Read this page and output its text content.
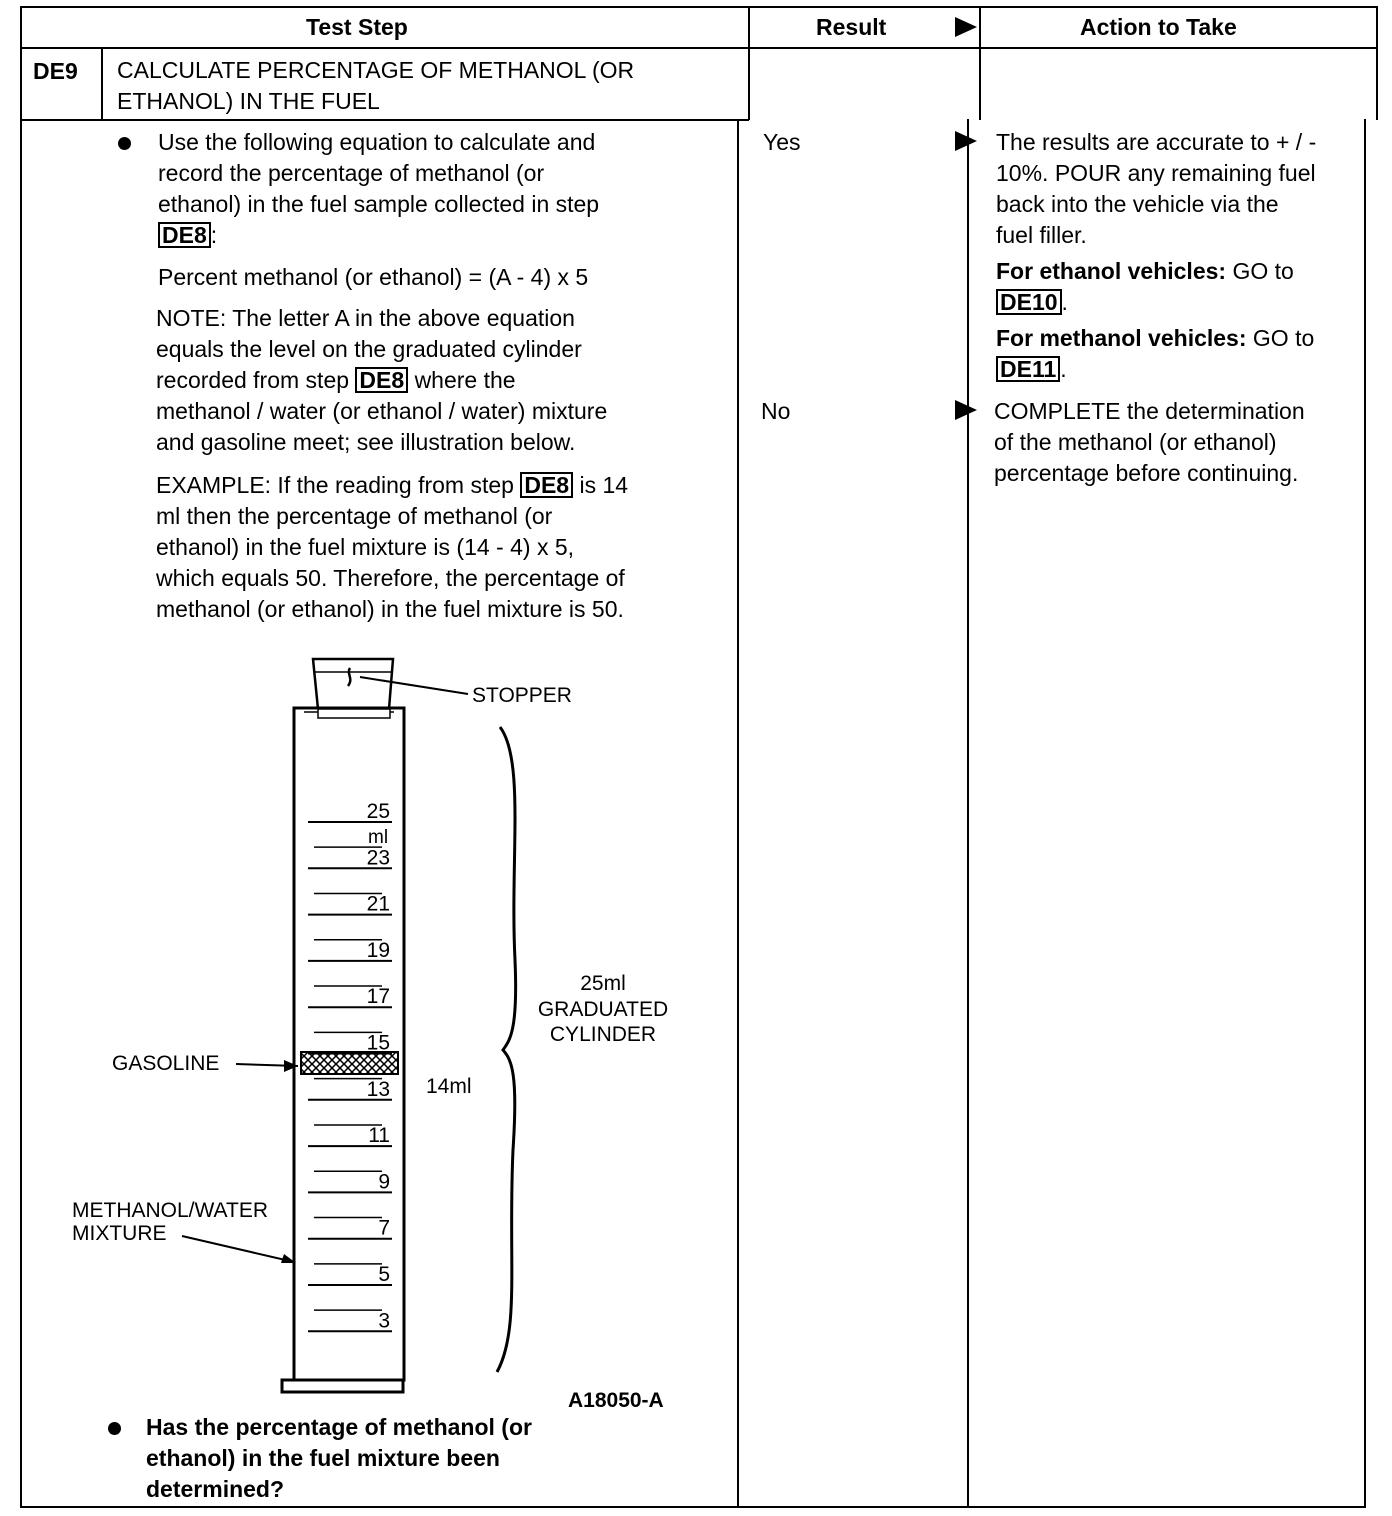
Test Step	Result	Action to Take
DE9 CALCULATE PERCENTAGE OF METHANOL (OR
ETHANOL) IN THE FUEL
Use the following equation to calculate and
record the percentage of methanol (or
ethanol) in the fuel sample collected in step
DE8 :
Percent methanol (or ethanol) = (A - 4) x 5
NOTE: The letter A in the above equation
equals the level on the graduated cylinder
recorded from step DE8 where the
methanol / water (or ethanol / water) mixture
and gasoline meet; see illustration below.
EXAMPLE: If the reading from step DE8 is 14
ml then the percentage of methanol (or
ethanol) in the fuel mixture is (14 - 4) x 5,
which equals 50. Therefore, the percentage of
methanol (or ethanol) in the fuel mixture is 50.
25
23
21
19
17
15
13
11
9
7
5
3
ml
STOPPER
GASOLINE
METHANOL/WATER
MIXTURE
14ml
25ml
GRADUATED
CYLINDER
A18050-A
Has the percentage of methanol (or
ethanol) in the fuel mixture been
determined?
Yes
No
The results are accurate to + / -
10%. POUR any remaining fuel
back into the vehicle via the
fuel filler.
For ethanol vehicles: GO to
DE10 .
For methanol vehicles: GO to
DE11 .
COMPLETE the determination
of the methanol (or ethanol)
percentage before continuing.
